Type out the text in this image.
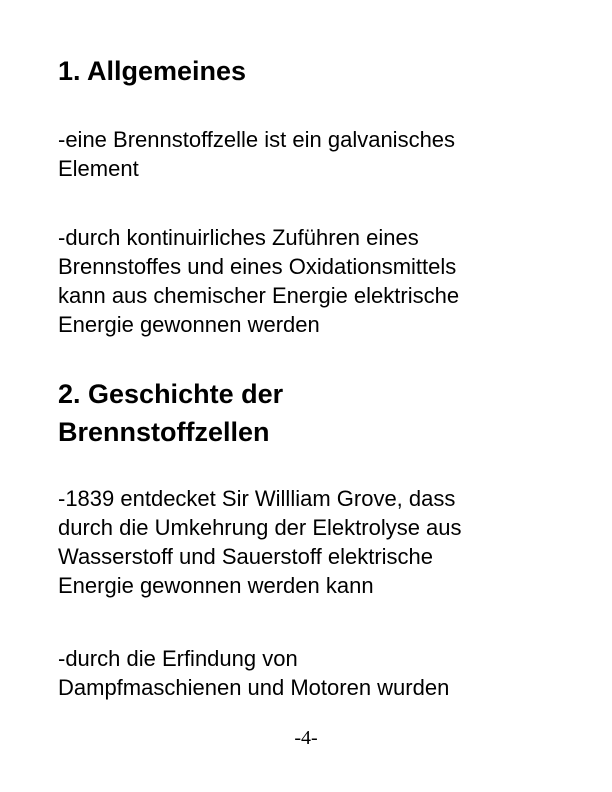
1. Allgemeines

-eine Brennstoffzelle ist ein galvanisches
Element

-durch kontinuirliches Zuführen eines
Brennstoffes und eines Oxidationsmittels
kann aus chemischer Energie elektrische
Energie gewonnen werden

2. Geschichte der
Brennstoffzellen

-1839 entdecket Sir Willliam Grove, dass
durch die Umkehrung der Elektrolyse aus
Wasserstoff und Sauerstoff elektrische
Energie gewonnen werden kann

-durch die Erfindung von
Dampfmaschienen und Motoren wurden

-4-
